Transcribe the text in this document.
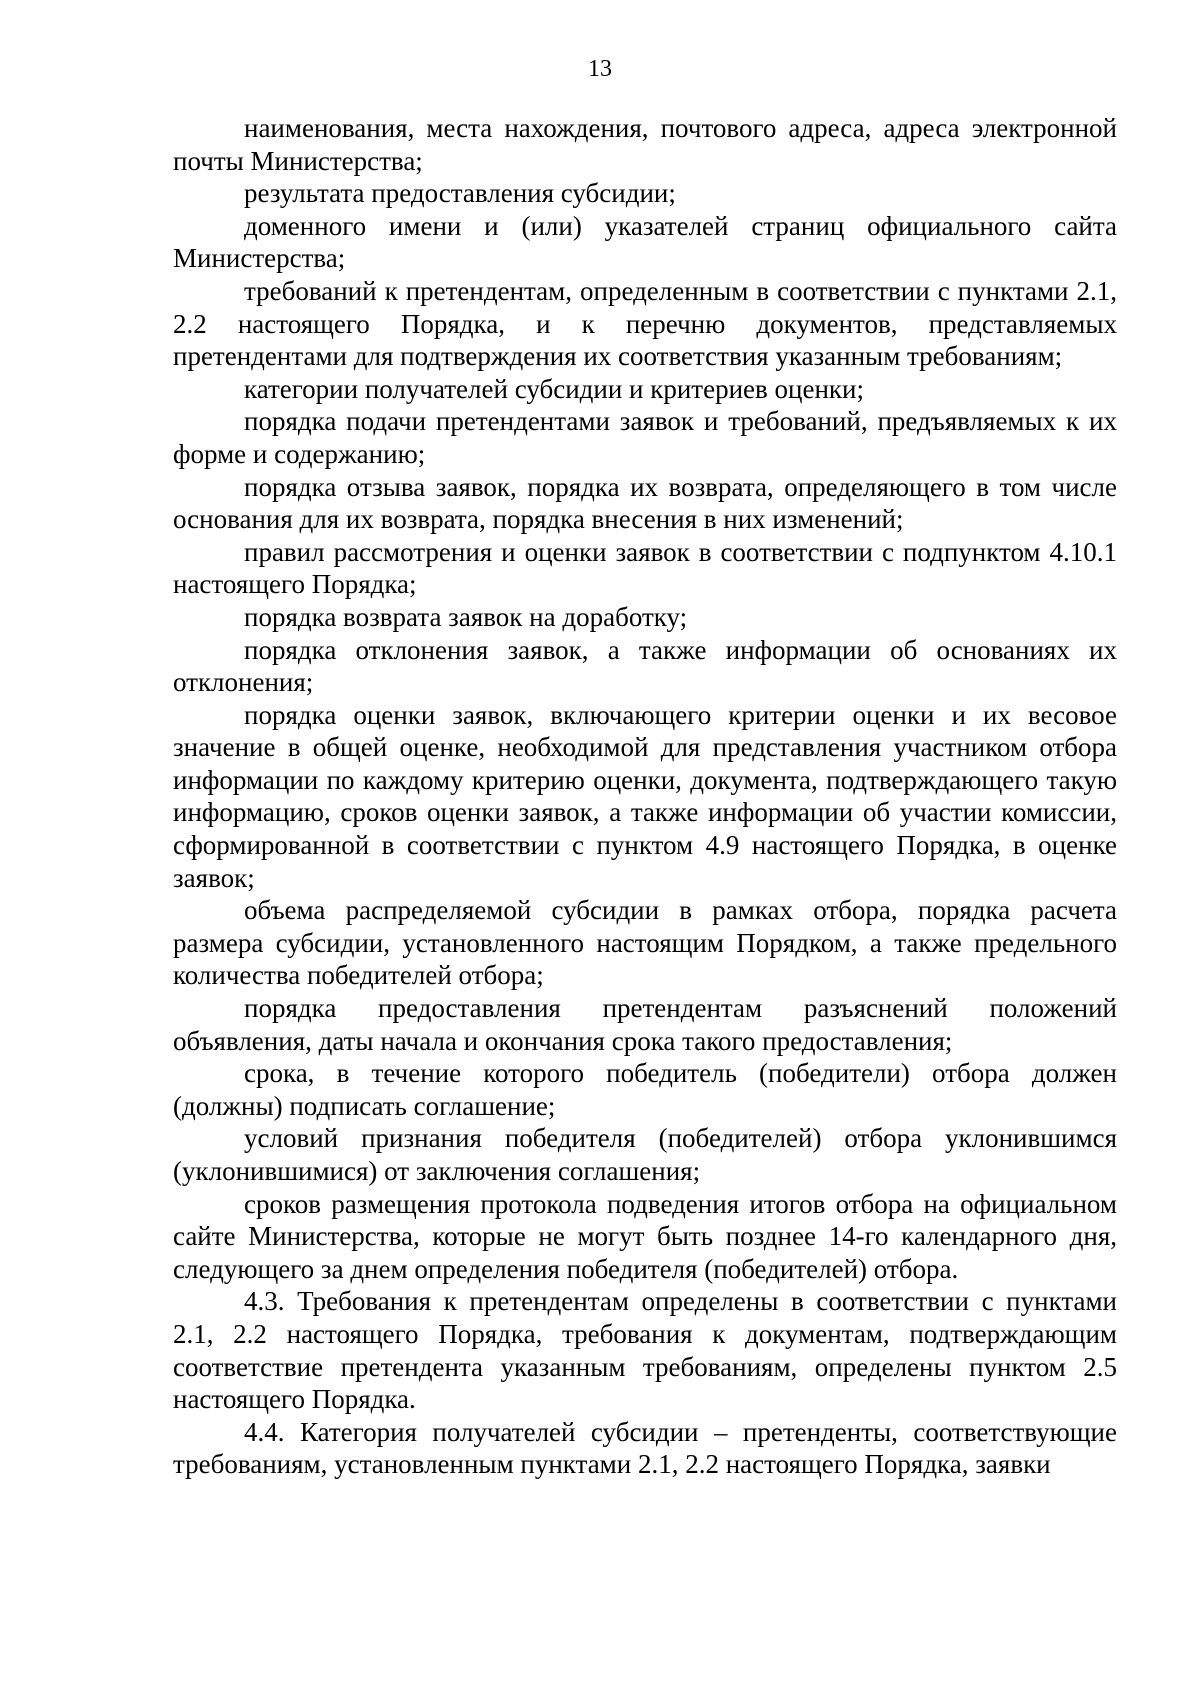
13

наименования, места нахождения, почтового адреса, адреса электронной почты Министерства;

результата предоставления субсидии;

доменного имени и (или) указателей страниц официального сайта Министерства;

требований к претендентам, определенным в соответствии с пунктами 2.1, 2.2 настоящего Порядка, и к перечню документов, представляемых претендентами для подтверждения их соответствия указанным требованиям;

категории получателей субсидии и критериев оценки;

порядка подачи претендентами заявок и требований, предъявляемых к их форме и содержанию;

порядка отзыва заявок, порядка их возврата, определяющего в том числе основания для их возврата, порядка внесения в них изменений;

правил рассмотрения и оценки заявок в соответствии с подпунктом 4.10.1 настоящего Порядка;

порядка возврата заявок на доработку;

порядка отклонения заявок, а также информации об основаниях их отклонения;

порядка оценки заявок, включающего критерии оценки и их весовое значение в общей оценке, необходимой для представления участником отбора информации по каждому критерию оценки, документа, подтверждающего такую информацию, сроков оценки заявок, а также информации об участии комиссии, сформированной в соответствии с пунктом 4.9 настоящего Порядка, в оценке заявок;

объема распределяемой субсидии в рамках отбора, порядка расчета размера субсидии, установленного настоящим Порядком, а также предельного количества победителей отбора;

порядка предоставления претендентам разъяснений положений объявления, даты начала и окончания срока такого предоставления;

срока, в течение которого победитель (победители) отбора должен (должны) подписать соглашение;

условий признания победителя (победителей) отбора уклонившимся (уклонившимися) от заключения соглашения;

сроков размещения протокола подведения итогов отбора на официальном сайте Министерства, которые не могут быть позднее 14-го календарного дня, следующего за днем определения победителя (победителей) отбора.

4.3. Требования к претендентам определены в соответствии с пунктами 2.1, 2.2 настоящего Порядка, требования к документам, подтверждающим соответствие претендента указанным требованиям, определены пунктом 2.5 настоящего Порядка.

4.4. Категория получателей субсидии – претенденты, соответствующие требованиям, установленным пунктами 2.1, 2.2 настоящего Порядка, заявки
